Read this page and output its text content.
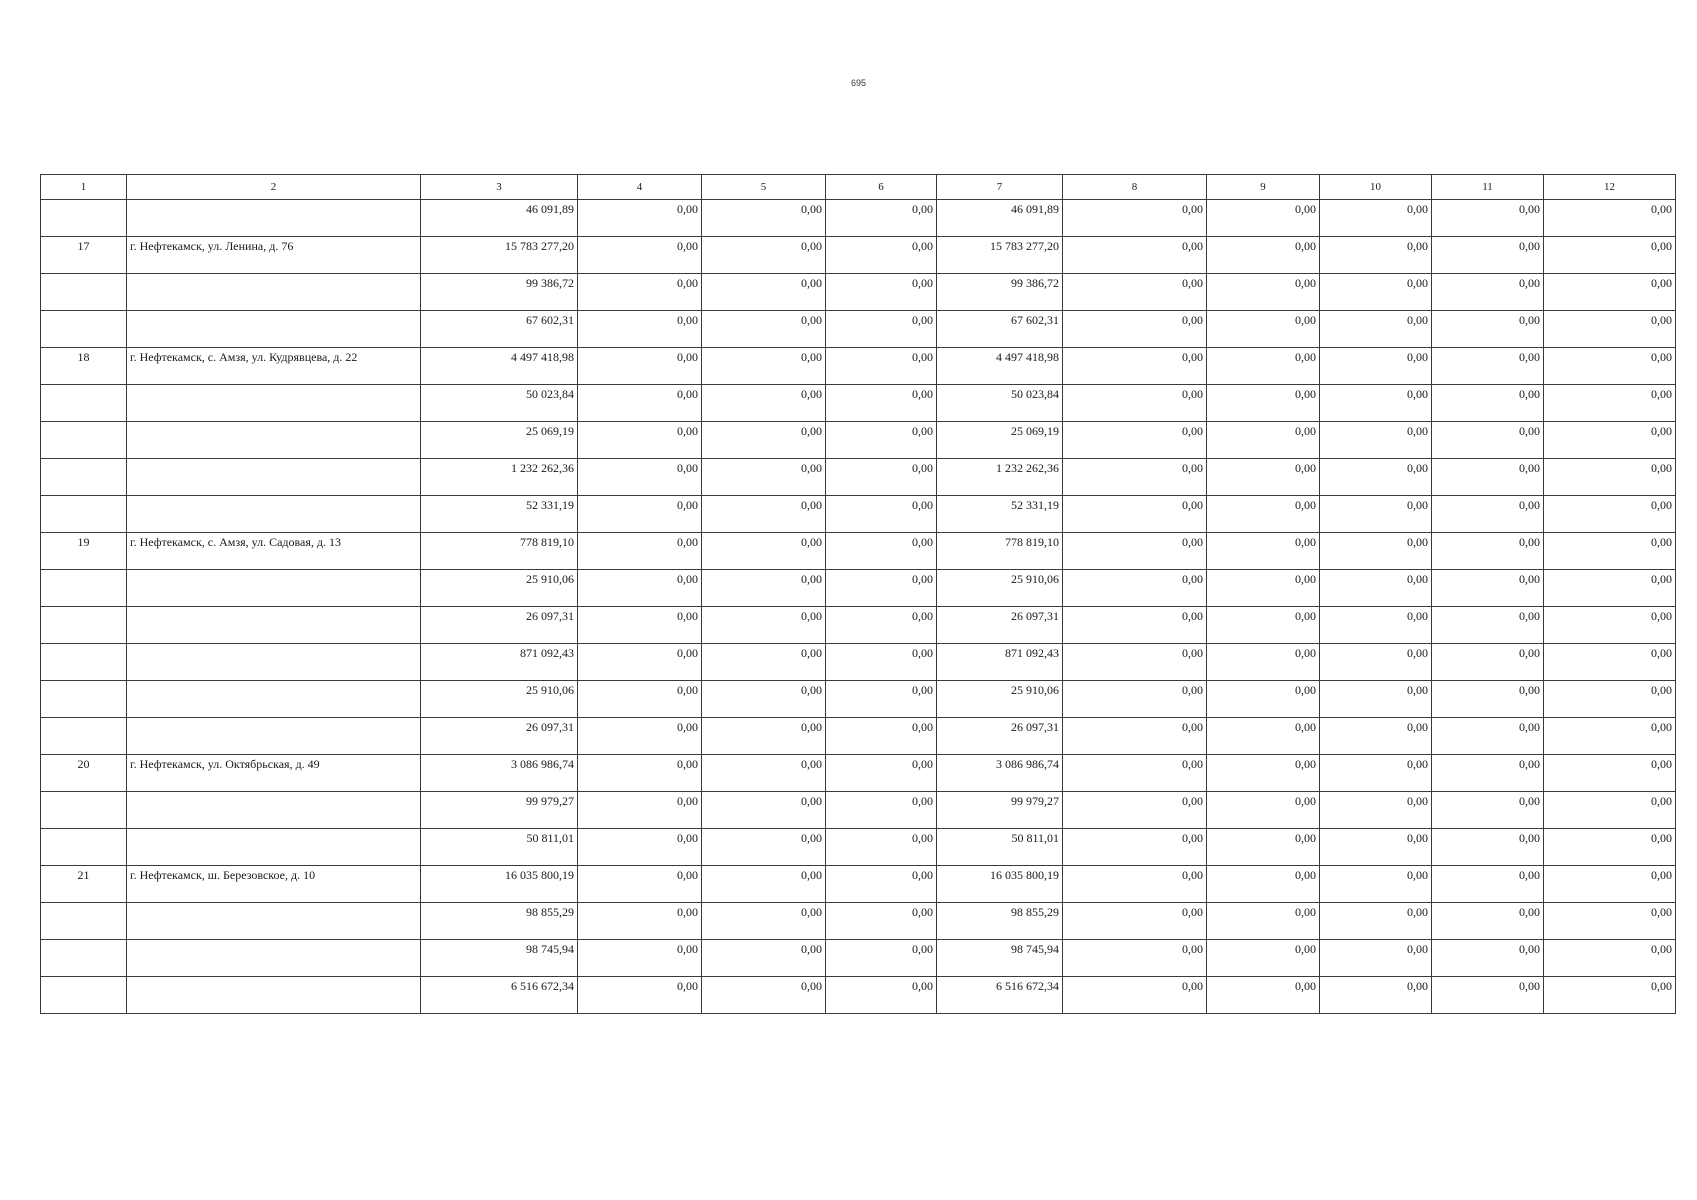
695
1	2	3	4	5	6	7	8	9	10	11	12
		46 091,89	0,00	0,00	0,00	46 091,89	0,00	0,00	0,00	0,00	0,00
17	г. Нефтекамск, ул. Ленина, д. 76	15 783 277,20	0,00	0,00	0,00	15 783 277,20	0,00	0,00	0,00	0,00	0,00
		99 386,72	0,00	0,00	0,00	99 386,72	0,00	0,00	0,00	0,00	0,00
		67 602,31	0,00	0,00	0,00	67 602,31	0,00	0,00	0,00	0,00	0,00
18	г. Нефтекамск, с. Амзя, ул. Кудрявцева, д. 22	4 497 418,98	0,00	0,00	0,00	4 497 418,98	0,00	0,00	0,00	0,00	0,00
		50 023,84	0,00	0,00	0,00	50 023,84	0,00	0,00	0,00	0,00	0,00
		25 069,19	0,00	0,00	0,00	25 069,19	0,00	0,00	0,00	0,00	0,00
		1 232 262,36	0,00	0,00	0,00	1 232 262,36	0,00	0,00	0,00	0,00	0,00
		52 331,19	0,00	0,00	0,00	52 331,19	0,00	0,00	0,00	0,00	0,00
19	г. Нефтекамск, с. Амзя, ул. Садовая, д. 13	778 819,10	0,00	0,00	0,00	778 819,10	0,00	0,00	0,00	0,00	0,00
		25 910,06	0,00	0,00	0,00	25 910,06	0,00	0,00	0,00	0,00	0,00
		26 097,31	0,00	0,00	0,00	26 097,31	0,00	0,00	0,00	0,00	0,00
		871 092,43	0,00	0,00	0,00	871 092,43	0,00	0,00	0,00	0,00	0,00
		25 910,06	0,00	0,00	0,00	25 910,06	0,00	0,00	0,00	0,00	0,00
		26 097,31	0,00	0,00	0,00	26 097,31	0,00	0,00	0,00	0,00	0,00
20	г. Нефтекамск, ул. Октябрьская, д. 49	3 086 986,74	0,00	0,00	0,00	3 086 986,74	0,00	0,00	0,00	0,00	0,00
		99 979,27	0,00	0,00	0,00	99 979,27	0,00	0,00	0,00	0,00	0,00
		50 811,01	0,00	0,00	0,00	50 811,01	0,00	0,00	0,00	0,00	0,00
21	г. Нефтекамск, ш. Березовское, д. 10	16 035 800,19	0,00	0,00	0,00	16 035 800,19	0,00	0,00	0,00	0,00	0,00
		98 855,29	0,00	0,00	0,00	98 855,29	0,00	0,00	0,00	0,00	0,00
		98 745,94	0,00	0,00	0,00	98 745,94	0,00	0,00	0,00	0,00	0,00
		6 516 672,34	0,00	0,00	0,00	6 516 672,34	0,00	0,00	0,00	0,00	0,00
